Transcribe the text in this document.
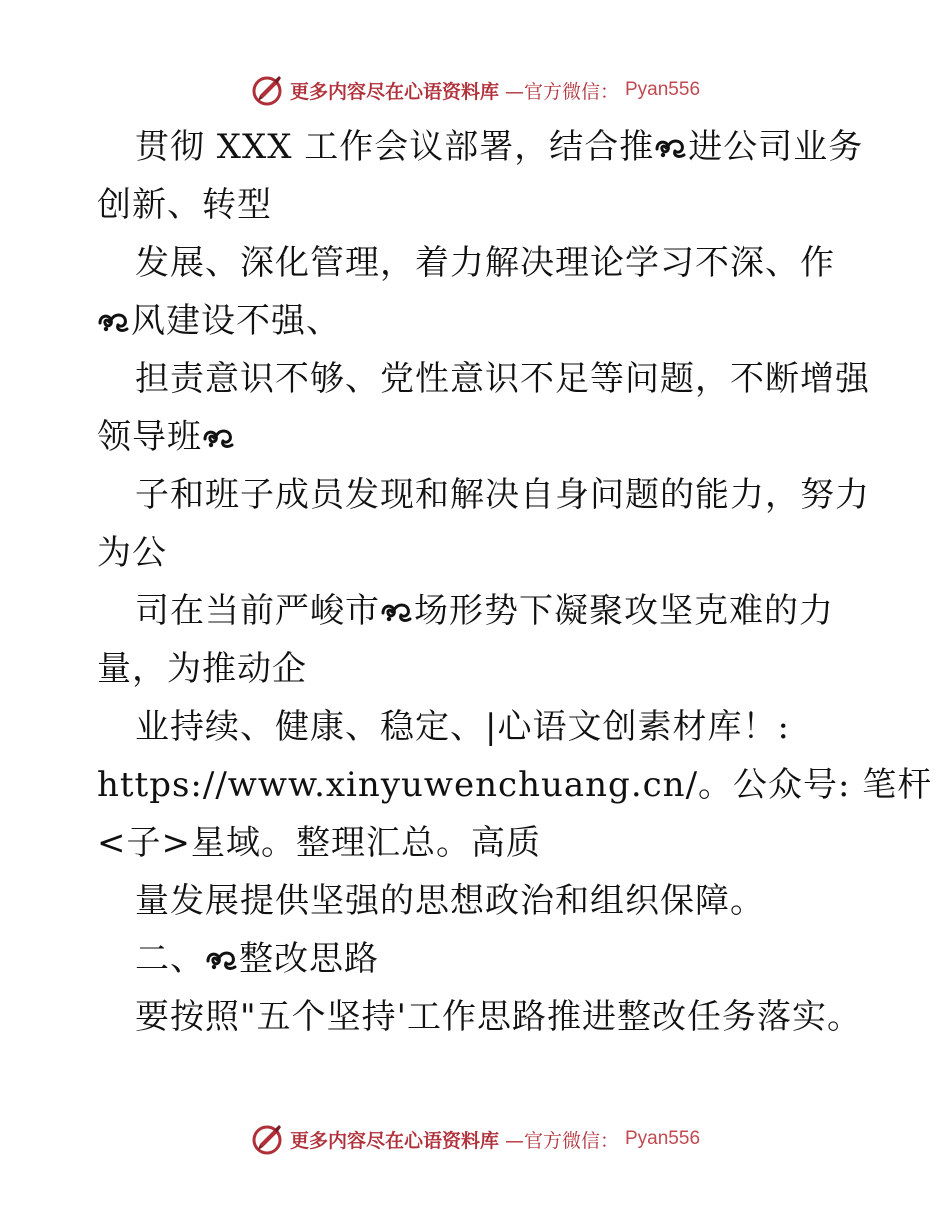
更多内容尽在心语资料库 —官方微信： Pyan556
贯彻 XXX 工作会议部署，结合推 进公司业务
创新、转型
发展、深化管理，着力解决理论学习不深、作
风建设不强、
担责意识不够、党性意识不足等问题，不断增强
领导班
子和班子成员发现和解决自身问题的能力，努力
为公
司在当前严峻市 场形势下凝聚攻坚克难的力
量，为推动企
业持续、健康、稳定、|心语文创素材库！:
https://www.xinyuwenchuang.cn/。公众号: 笔杆
<子>星域。整理汇总。高质
量发展提供坚强的思想政治和组织保障。
二、 整改思路
要按照"五个坚持'工作思路推进整改任务落实。
更多内容尽在心语资料库 —官方微信： Pyan556
